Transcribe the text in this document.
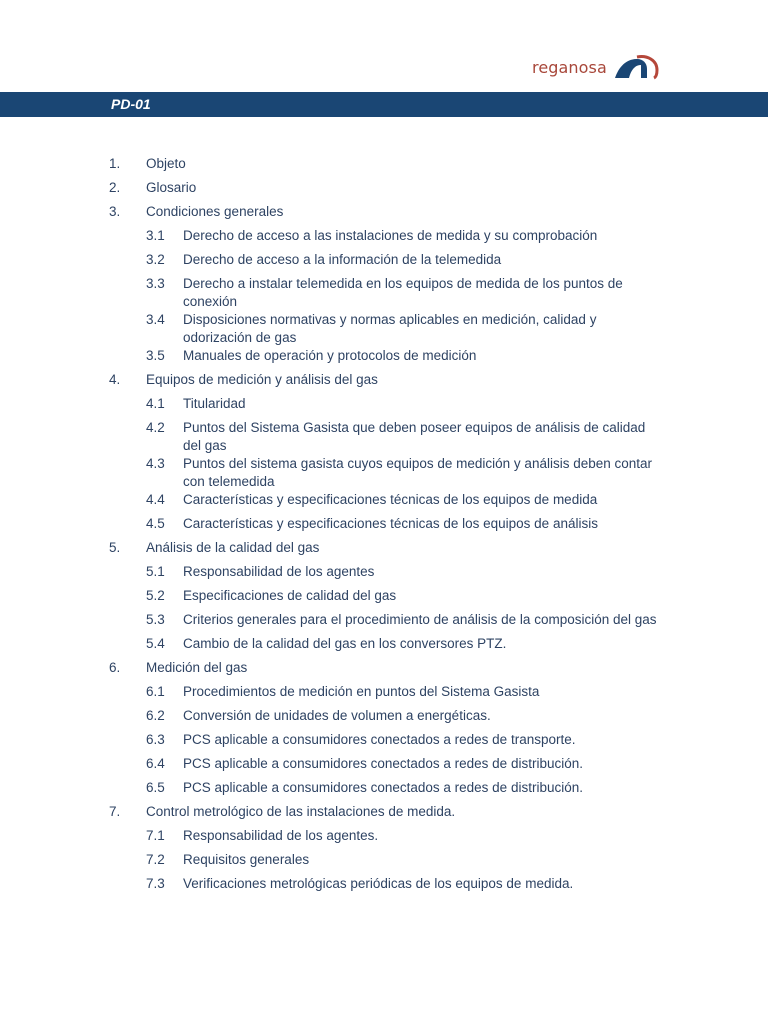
reganosa
PD-01
1.	Objeto
2.	Glosario
3.	Condiciones generales
3.1	Derecho de acceso a las instalaciones de medida y su comprobación
3.2	Derecho de acceso a la información de la telemedida
3.3	Derecho a instalar telemedida en los equipos de medida de los puntos de conexión
3.4	Disposiciones normativas y normas aplicables en medición, calidad y odorización de gas
3.5	Manuales de operación y protocolos de medición
4.	Equipos de medición y análisis del gas
4.1	Titularidad
4.2	Puntos del Sistema Gasista que deben poseer equipos de análisis de calidad del gas
4.3	Puntos del sistema gasista cuyos equipos de medición y análisis deben contar con telemedida
4.4	Características y especificaciones técnicas de los equipos de medida
4.5	Características y especificaciones técnicas de los equipos de análisis
5.	Análisis de la calidad del gas
5.1	Responsabilidad de los agentes
5.2	Especificaciones de calidad del gas
5.3	Criterios generales para el procedimiento de análisis de la composición del gas
5.4	Cambio de la calidad del gas en los conversores PTZ.
6.	Medición del gas
6.1	Procedimientos de medición en puntos del Sistema Gasista
6.2	Conversión de unidades de volumen a energéticas.
6.3	PCS aplicable a consumidores conectados a redes de transporte.
6.4	PCS aplicable a consumidores conectados a redes de distribución.
6.5	PCS aplicable a consumidores conectados a redes de distribución.
7.	Control metrológico de las instalaciones de medida.
7.1	Responsabilidad de los agentes.
7.2	Requisitos generales
7.3	Verificaciones metrológicas periódicas de los equipos de medida.
